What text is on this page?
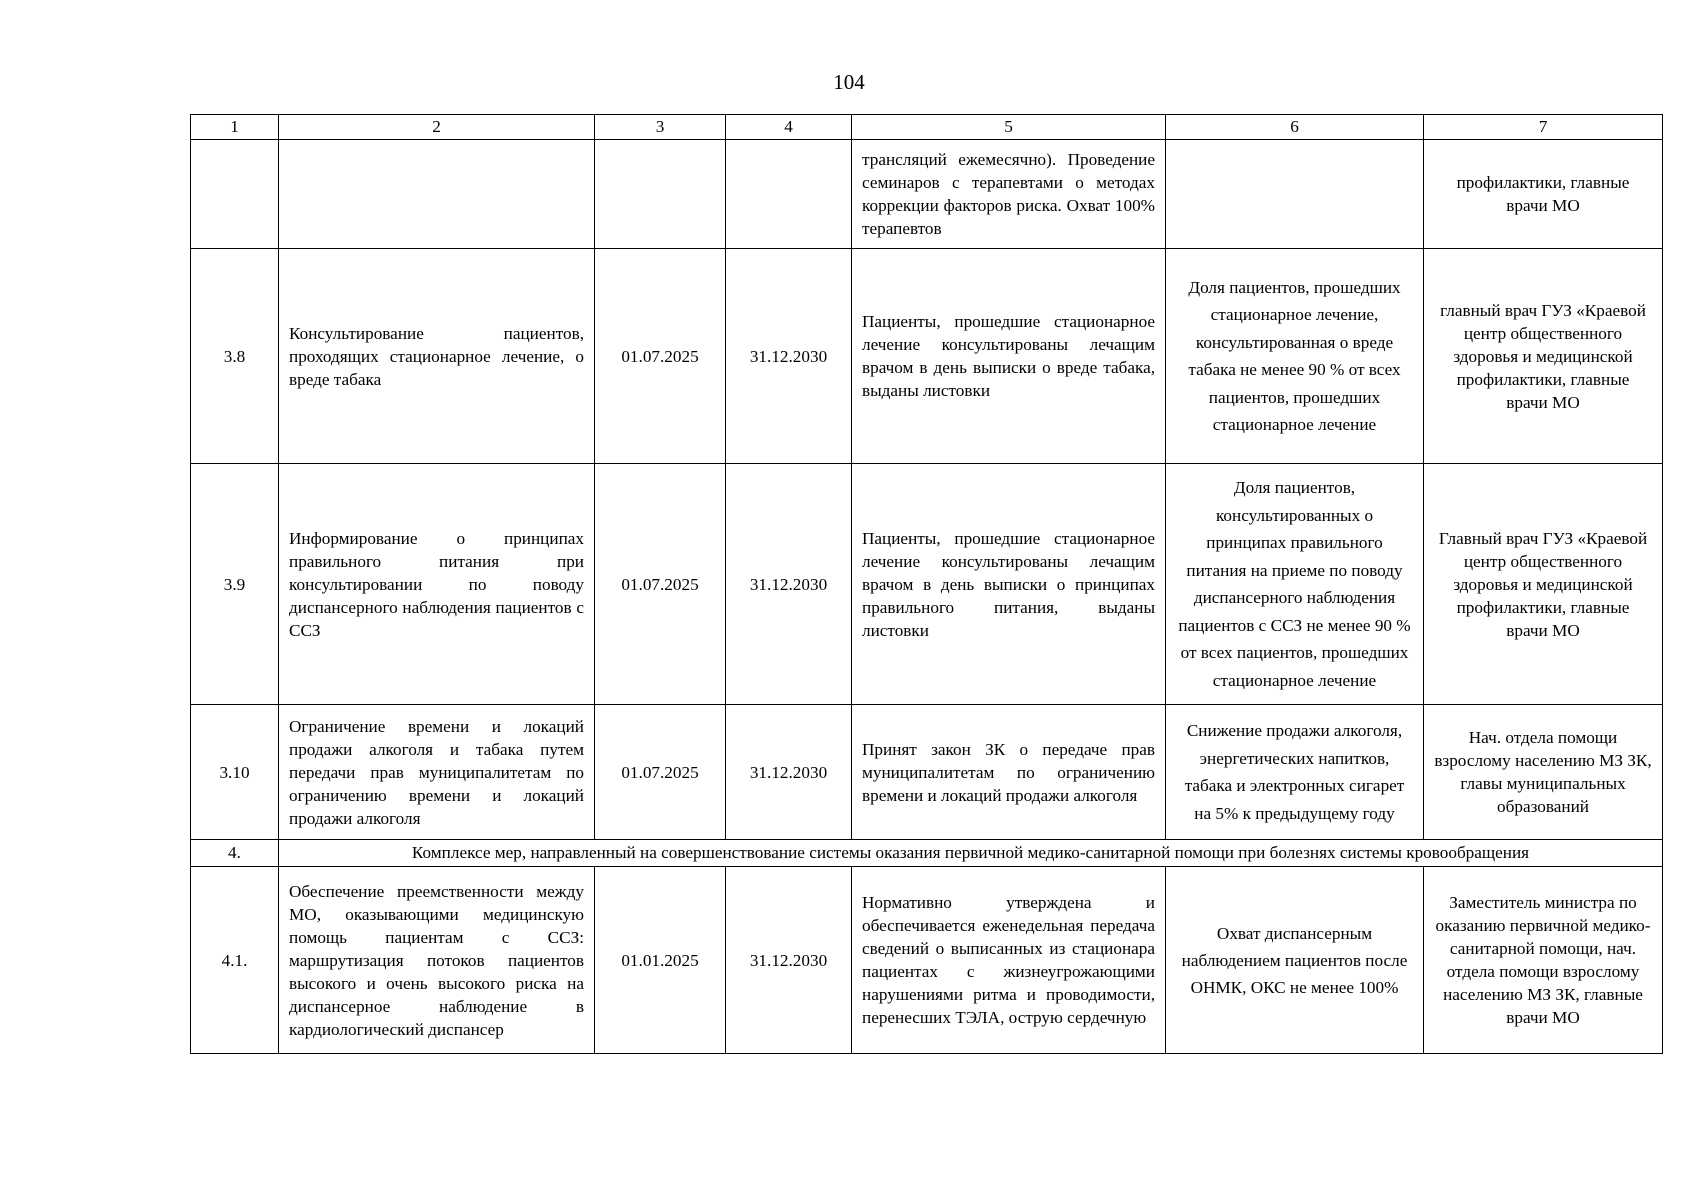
104
1	2	3	4	5	6	7
				трансляций ежемесячно). Проведение семинаров с терапевтами о методах коррекции факторов риска. Охват 100% терапевтов		профилактики, главные врачи МО
3.8	Консультирование пациентов, проходящих стационарное лечение, о вреде табака	01.07.2025	31.12.2030	Пациенты, прошедшие стационарное лечение консультированы лечащим врачом в день выписки о вреде табака, выданы листовки	Доля пациентов, прошедших стационарное лечение, консультированная о вреде табака не менее 90 % от всех пациентов, прошедших стационарное лечение	главный врач ГУЗ «Краевой центр общественного здоровья и медицинской профилактики, главные врачи МО
3.9	Информирование о принципах правильного питания при консультировании по поводу диспансерного наблюдения пациентов с ССЗ	01.07.2025	31.12.2030	Пациенты, прошедшие стационарное лечение консультированы лечащим врачом в день выписки о принципах правильного питания, выданы листовки	Доля пациентов, консультированных о принципах правильного питания на приеме по поводу диспансерного наблюдения пациентов с ССЗ не менее 90 % от всех пациентов, прошедших стационарное лечение	Главный врач ГУЗ «Краевой центр общественного здоровья и медицинской профилактики, главные врачи МО
3.10	Ограничение времени и локаций продажи алкоголя и табака путем передачи прав муниципалитетам по ограничению времени и локаций продажи алкоголя	01.07.2025	31.12.2030	Принят закон ЗК о передаче прав муниципалитетам по ограничению времени и локаций продажи алкоголя	Снижение продажи алкоголя, энергетических напитков, табака и электронных сигарет на 5% к предыдущему году	Нач. отдела помощи взрослому населению МЗ ЗК, главы муниципальных образований
4.	Комплексе мер, направленный на совершенствование системы оказания первичной медико-санитарной помощи при болезнях системы кровообращения					
4.1.	Обеспечение преемственности между МО, оказывающими медицинскую помощь пациентам с ССЗ: маршрутизация потоков пациентов высокого и очень высокого риска на диспансерное наблюдение в кардиологический диспансер	01.01.2025	31.12.2030	Нормативно утверждена и обеспечивается еженедельная передача сведений о выписанных из стационара пациентах с жизнеугрожающими нарушениями ритма и проводимости, перенесших ТЭЛА, острую сердечную	Охват диспансерным наблюдением пациентов после ОНМК, ОКС не менее 100%	Заместитель министра по оказанию первичной медико-санитарной помощи, нач. отдела помощи взрослому населению МЗ ЗК, главные врачи МО
